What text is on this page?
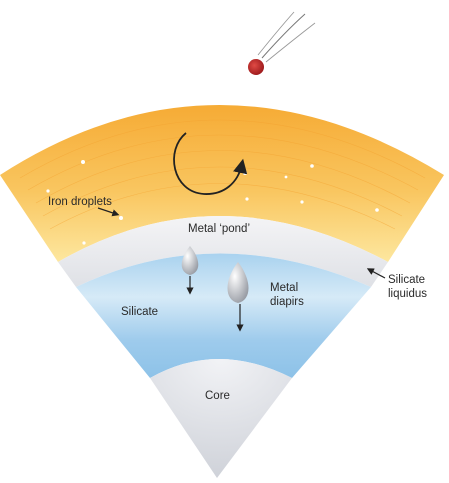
Iron droplets
Metal ‘pond’
Silicate
Metal
diapirs
Silicate
liquidus
Core
